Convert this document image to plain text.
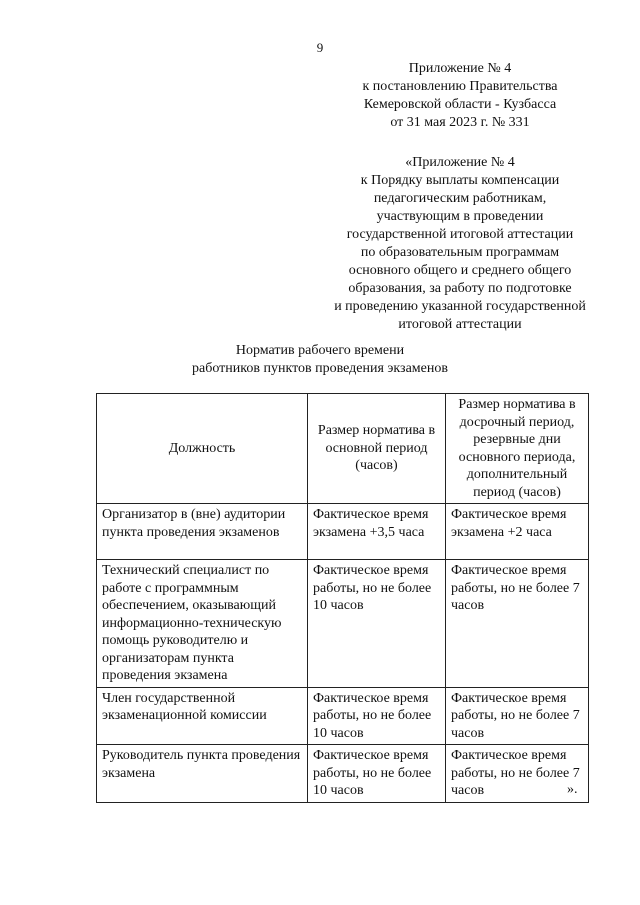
9
Приложение № 4
к постановлению Правительства
Кемеровской области - Кузбасса
от 31 мая 2023 г. № 331
«Приложение № 4
к Порядку выплаты компенсации
педагогическим работникам,
участвующим в проведении
государственной итоговой аттестации
по образовательным программам
основного общего и среднего общего
образования, за работу по подготовке
и проведению указанной государственной
итоговой аттестации
Норматив рабочего времени
работников пунктов проведения экзаменов
Должность	Размер норматива в основной период (часов)	Размер норматива в досрочный период, резервные дни основного периода, дополнительный период (часов)
Организатор в (вне) аудитории пункта проведения экзаменов	Фактическое время экзамена +3,5 часа	Фактическое время экзамена +2 часа
Технический специалист по работе с программным обеспечением, оказывающий информационно-техническую помощь руководителю и организаторам пункта проведения экзамена	Фактическое время работы, но не более 10 часов	Фактическое время работы, но не более 7 часов
Член государственной экзаменационной комиссии	Фактическое время работы, но не более 10 часов	Фактическое время работы, но не более 7 часов
Руководитель пункта проведения экзамена	Фактическое время работы, но не более 10 часов	Фактическое время работы, но не более 7 часов	».
